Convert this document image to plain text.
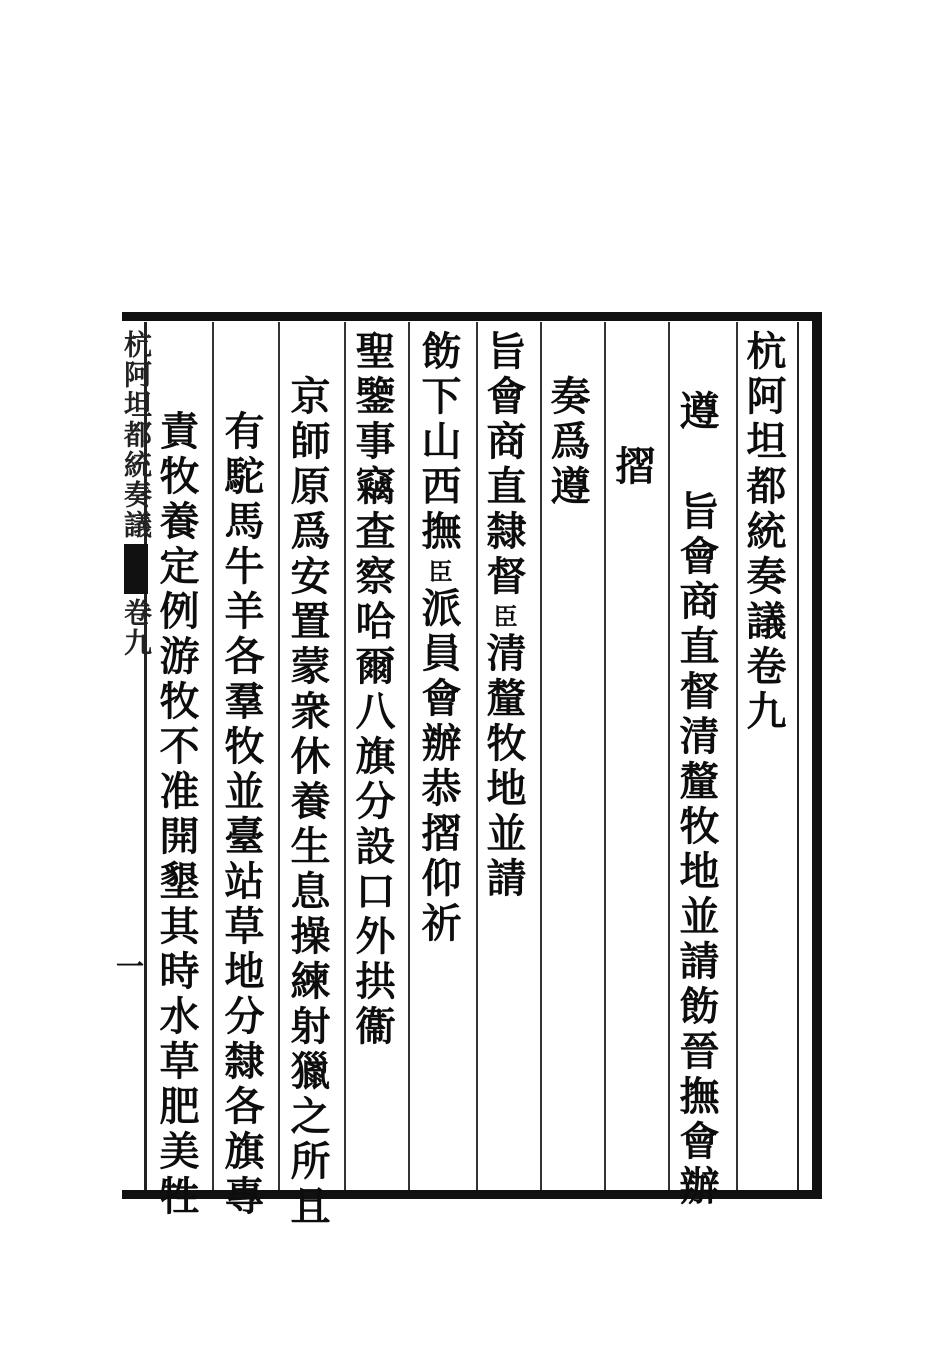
杭阿坦都統奏議卷九
遵
旨會商直督清釐牧地並請飭晉撫會辦
摺
奏爲遵
旨會商直隸督臣清釐牧地並請
飭下山西撫臣派員會辦恭摺仰祈
聖鑒事竊查察哈爾八旗分設口外拱衞
京師原爲安置蒙衆休養生息操練射獵之所且
有駝馬牛羊各羣牧並臺站草地分隸各旗專
責牧養定例游牧不准開墾其時水草肥美牲
杭阿坦都統奏議卷九
一
